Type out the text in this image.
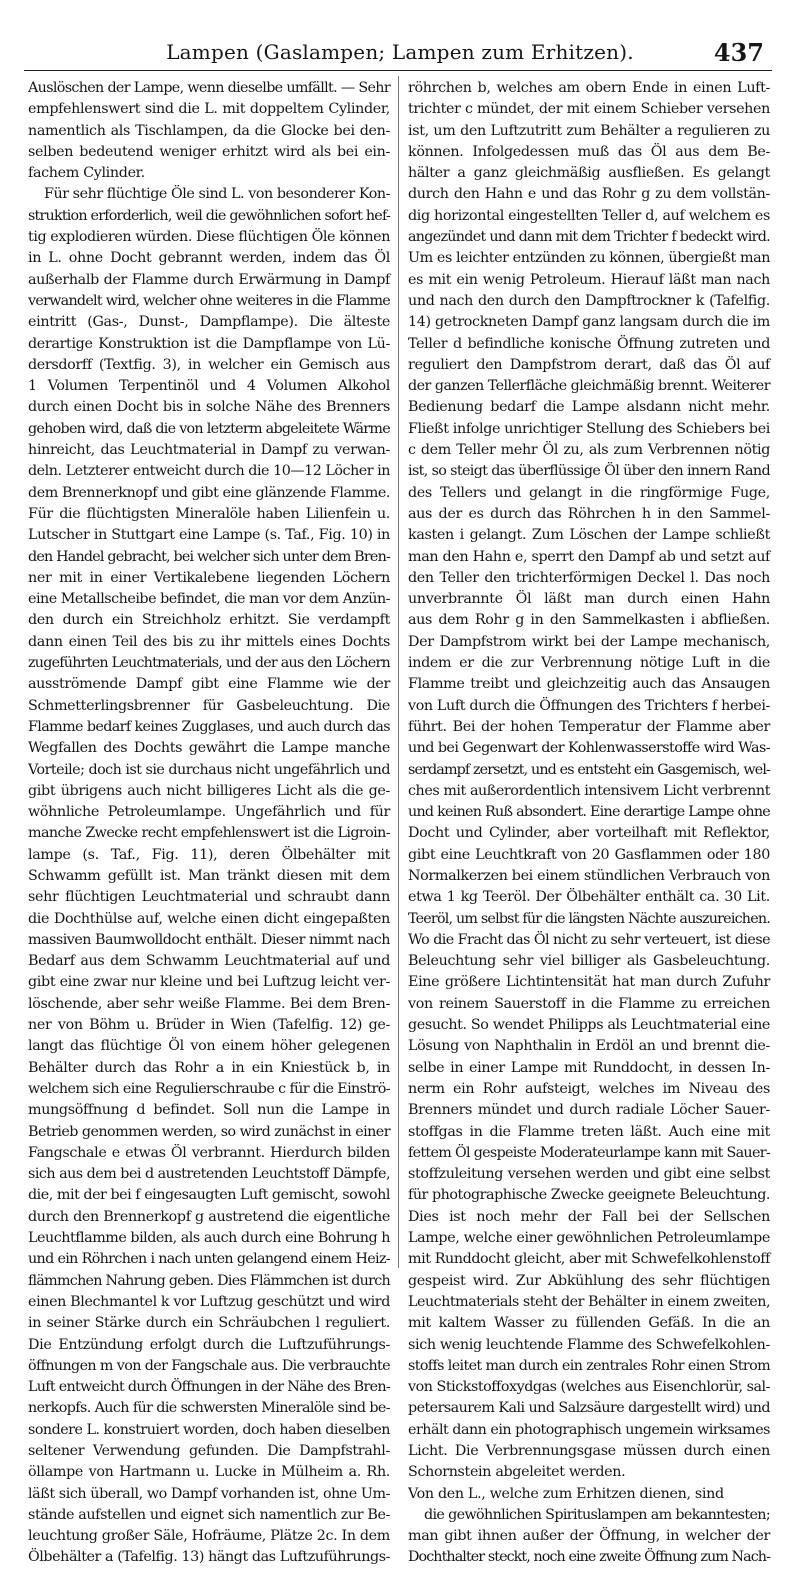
Lampen (Gaslampen; Lampen zum Erhitzen).	437
Auslöschen der Lampe, wenn dieselbe umfällt. — Sehr
empfehlenswert sind die L. mit doppeltem Cylinder,
namentlich als Tischlampen, da die Glocke bei den-
selben bedeutend weniger erhitzt wird als bei ein-
fachem Cylinder.
Für sehr flüchtige Öle sind L. von besonderer Kon-
struktion erforderlich, weil die gewöhnlichen sofort hef-
tig explodieren würden. Diese flüchtigen Öle können
in L. ohne Docht gebrannt werden, indem das Öl
außerhalb der Flamme durch Erwärmung in Dampf
verwandelt wird, welcher ohne weiteres in die Flamme
eintritt (Gas-, Dunst-, Dampflampe). Die älteste
derartige Konstruktion ist die Dampflampe von Lü-
dersdorff (Textfig. 3), in welcher ein Gemisch aus
1 Volumen Terpentinöl und 4 Volumen Alkohol
durch einen Docht bis in solche Nähe des Brenners
gehoben wird, daß die von letzterm abgeleitete Wärme
hinreicht, das Leuchtmaterial in Dampf zu verwan-
deln. Letzterer entweicht durch die 10—12 Löcher in
dem Brennerknopf und gibt eine glänzende Flamme.
Für die flüchtigsten Mineralöle haben Lilienfein u.
Lutscher in Stuttgart eine Lampe (s. Taf., Fig. 10) in
den Handel gebracht, bei welcher sich unter dem Bren-
ner mit in einer Vertikalebene liegenden Löchern
eine Metallscheibe befindet, die man vor dem Anzün-
den durch ein Streichholz erhitzt. Sie verdampft
dann einen Teil des bis zu ihr mittels eines Dochts
zugeführten Leuchtmaterials, und der aus den Löchern
ausströmende Dampf gibt eine Flamme wie der
Schmetterlingsbrenner für Gasbeleuchtung. Die
Flamme bedarf keines Zugglases, und auch durch das
Wegfallen des Dochts gewährt die Lampe manche
Vorteile; doch ist sie durchaus nicht ungefährlich und
gibt übrigens auch nicht billigeres Licht als die ge-
wöhnliche Petroleumlampe. Ungefährlich und für
manche Zwecke recht empfehlenswert ist die Ligroin-
lampe (s. Taf., Fig. 11), deren Ölbehälter mit
Schwamm gefüllt ist. Man tränkt diesen mit dem
sehr flüchtigen Leuchtmaterial und schraubt dann
die Dochthülse auf, welche einen dicht eingepaßten
massiven Baumwolldocht enthält. Dieser nimmt nach
Bedarf aus dem Schwamm Leuchtmaterial auf und
gibt eine zwar nur kleine und bei Luftzug leicht ver-
löschende, aber sehr weiße Flamme. Bei dem Bren-
ner von Böhm u. Brüder in Wien (Tafelfig. 12) ge-
langt das flüchtige Öl von einem höher gelegenen
Behälter durch das Rohr a in ein Kniestück b, in
welchem sich eine Regulierschraube c für die Einströ-
mungsöffnung d befindet. Soll nun die Lampe in
Betrieb genommen werden, so wird zunächst in einer
Fangschale e etwas Öl verbrannt. Hierdurch bilden
sich aus dem bei d austretenden Leuchtstoff Dämpfe,
die, mit der bei f eingesaugten Luft gemischt, sowohl
durch den Brennerkopf g austretend die eigentliche
Leuchtflamme bilden, als auch durch eine Bohrung h
und ein Röhrchen i nach unten gelangend einem Heiz-
flämmchen Nahrung geben. Dies Flämmchen ist durch
einen Blechmantel k vor Luftzug geschützt und wird
in seiner Stärke durch ein Schräubchen l reguliert.
Die Entzündung erfolgt durch die Luftzuführungs-
öffnungen m von der Fangschale aus. Die verbrauchte
Luft entweicht durch Öffnungen in der Nähe des Bren-
nerkopfs. Auch für die schwersten Mineralöle sind be-
sondere L. konstruiert worden, doch haben dieselben
seltener Verwendung gefunden. Die Dampfstrahl-
öllampe von Hartmann u. Lucke in Mülheim a. Rh.
läßt sich überall, wo Dampf vorhanden ist, ohne Um-
stände aufstellen und eignet sich namentlich zur Be-
leuchtung großer Säle, Hofräume, Plätze 2c. In dem
Ölbehälter a (Tafelfig. 13) hängt das Luftzuführungs-
röhrchen b, welches am obern Ende in einen Luft-
trichter c mündet, der mit einem Schieber versehen
ist, um den Luftzutritt zum Behälter a regulieren zu
können. Infolgedessen muß das Öl aus dem Be-
hälter a ganz gleichmäßig ausfließen. Es gelangt
durch den Hahn e und das Rohr g zu dem vollstän-
dig horizontal eingestellten Teller d, auf welchem es
angezündet und dann mit dem Trichter f bedeckt wird.
Um es leichter entzünden zu können, übergießt man
es mit ein wenig Petroleum. Hierauf läßt man nach
und nach den durch den Dampftrockner k (Tafelfig.
14) getrockneten Dampf ganz langsam durch die im
Teller d befindliche konische Öffnung zutreten und
reguliert den Dampfstrom derart, daß das Öl auf
der ganzen Tellerfläche gleichmäßig brennt. Weiterer
Bedienung bedarf die Lampe alsdann nicht mehr.
Fließt infolge unrichtiger Stellung des Schiebers bei
c dem Teller mehr Öl zu, als zum Verbrennen nötig
ist, so steigt das überflüssige Öl über den innern Rand
des Tellers und gelangt in die ringförmige Fuge,
aus der es durch das Röhrchen h in den Sammel-
kasten i gelangt. Zum Löschen der Lampe schließt
man den Hahn e, sperrt den Dampf ab und setzt auf
den Teller den trichterförmigen Deckel l. Das noch
unverbrannte Öl läßt man durch einen Hahn
aus dem Rohr g in den Sammelkasten i abfließen.
Der Dampfstrom wirkt bei der Lampe mechanisch,
indem er die zur Verbrennung nötige Luft in die
Flamme treibt und gleichzeitig auch das Ansaugen
von Luft durch die Öffnungen des Trichters f herbei-
führt. Bei der hohen Temperatur der Flamme aber
und bei Gegenwart der Kohlenwasserstoffe wird Was-
serdampf zersetzt, und es entsteht ein Gasgemisch, wel-
ches mit außerordentlich intensivem Licht verbrennt
und keinen Ruß absondert. Eine derartige Lampe ohne
Docht und Cylinder, aber vorteilhaft mit Reflektor,
gibt eine Leuchtkraft von 20 Gasflammen oder 180
Normalkerzen bei einem stündlichen Verbrauch von
etwa 1 kg Teeröl. Der Ölbehälter enthält ca. 30 Lit.
Teeröl, um selbst für die längsten Nächte auszureichen.
Wo die Fracht das Öl nicht zu sehr verteuert, ist diese
Beleuchtung sehr viel billiger als Gasbeleuchtung.
Eine größere Lichtintensität hat man durch Zufuhr
von reinem Sauerstoff in die Flamme zu erreichen
gesucht. So wendet Philipps als Leuchtmaterial eine
Lösung von Naphthalin in Erdöl an und brennt die-
selbe in einer Lampe mit Runddocht, in dessen In-
nerm ein Rohr aufsteigt, welches im Niveau des
Brenners mündet und durch radiale Löcher Sauer-
stoffgas in die Flamme treten läßt. Auch eine mit
fettem Öl gespeiste Moderateurlampe kann mit Sauer-
stoffzuleitung versehen werden und gibt eine selbst
für photographische Zwecke geeignete Beleuchtung.
Dies ist noch mehr der Fall bei der Sellschen
Lampe, welche einer gewöhnlichen Petroleumlampe
mit Runddocht gleicht, aber mit Schwefelkohlenstoff
gespeist wird. Zur Abkühlung des sehr flüchtigen
Leuchtmaterials steht der Behälter in einem zweiten,
mit kaltem Wasser zu füllenden Gefäß. In die an
sich wenig leuchtende Flamme des Schwefelkohlen-
stoffs leitet man durch ein zentrales Rohr einen Strom
von Stickstoffoxydgas (welches aus Eisenchlorür, sal-
petersaurem Kali und Salzsäure dargestellt wird) und
erhält dann ein photographisch ungemein wirksames
Licht. Die Verbrennungsgase müssen durch einen
Schornstein abgeleitet werden.
Von den L., welche zum Erhitzen dienen, sind
die gewöhnlichen Spirituslampen am bekanntesten;
man gibt ihnen außer der Öffnung, in welcher der
Dochthalter steckt, noch eine zweite Öffnung zum Nach-
